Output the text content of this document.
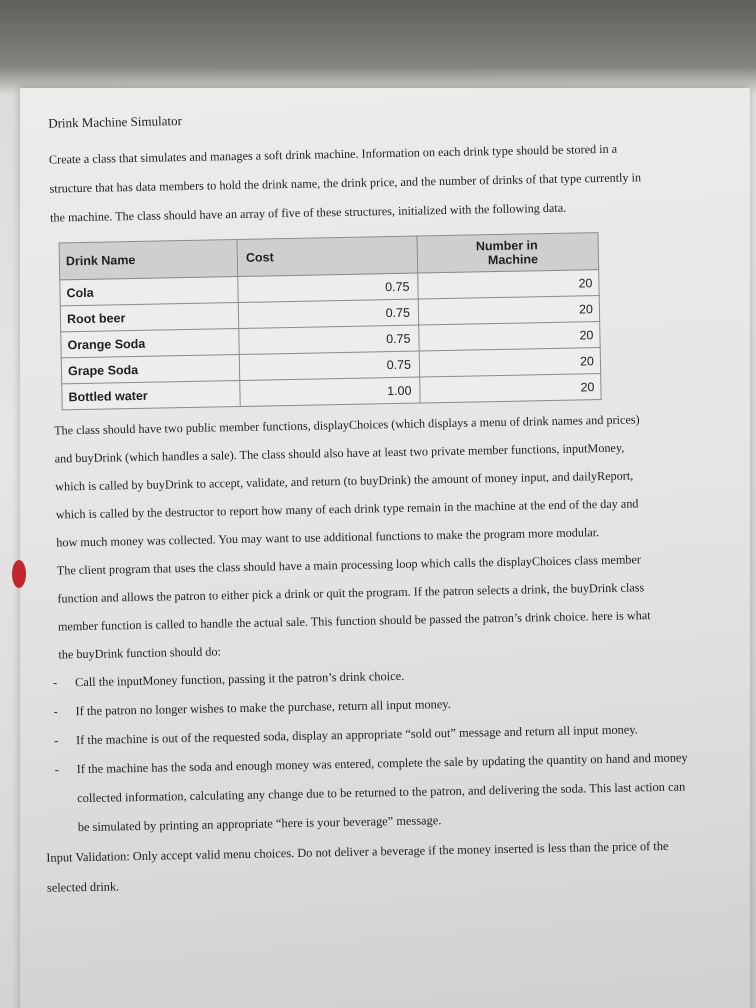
Drink Machine Simulator

Create a class that simulates and manages a soft drink machine. Information on each drink type should be stored in a structure that has data members to hold the drink name, the drink price, and the number of drinks of that type currently in the machine. The class should have an array of five of these structures, initialized with the following data.

Drink Name	Cost	Number in Machine
Cola	0.75	20
Root beer	0.75	20
Orange Soda	0.75	20
Grape Soda	0.75	20
Bottled water	1.00	20

The class should have two public member functions, displayChoices (which displays a menu of drink names and prices) and buyDrink (which handles a sale). The class should also have at least two private member functions, inputMoney, which is called by buyDrink to accept, validate, and return (to buyDrink) the amount of money input, and dailyReport, which is called by the destructor to report how many of each drink type remain in the machine at the end of the day and how much money was collected. You may want to use additional functions to make the program more modular.

The client program that uses the class should have a main processing loop which calls the displayChoices class member function and allows the patron to either pick a drink or quit the program. If the patron selects a drink, the buyDrink class member function is called to handle the actual sale. This function should be passed the patron’s drink choice. here is what the buyDrink function should do:

- Call the inputMoney function, passing it the patron’s drink choice.
- If the patron no longer wishes to make the purchase, return all input money.
- If the machine is out of the requested soda, display an appropriate “sold out” message and return all input money.
- If the machine has the soda and enough money was entered, complete the sale by updating the quantity on hand and money collected information, calculating any change due to be returned to the patron, and delivering the soda. This last action can be simulated by printing an appropriate “here is your beverage” message.

Input Validation: Only accept valid menu choices. Do not deliver a beverage if the money inserted is less than the price of the selected drink.
